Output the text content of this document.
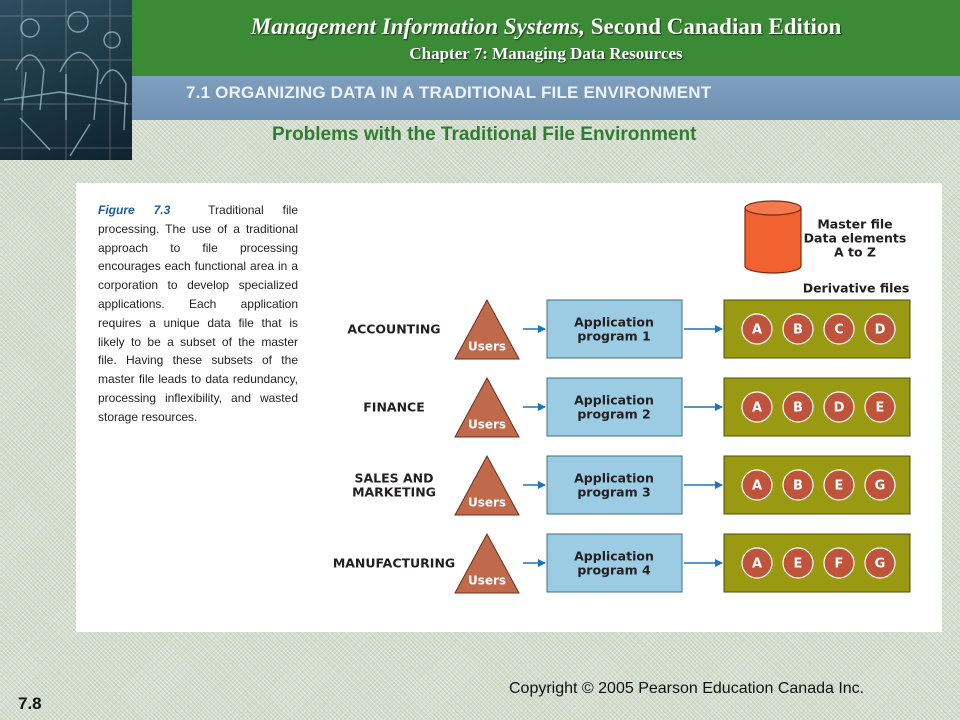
Management Information Systems, Second Canadian Edition
Chapter 7: Managing Data Resources
7.1 ORGANIZING DATA IN A TRADITIONAL FILE ENVIRONMENT
Problems with the Traditional File Environment
Figure 7.3	Traditional file processing. The use of a traditional approach to file processing encourages each functional area in a corporation to develop specialized applications. Each application requires a unique data file that is likely to be a subset of the master file. Having these subsets of the master file leads to data redundancy, processing inflexibility, and wasted storage resources.
Master file Data elements A to Z
Derivative files
ACCOUNTING
Users
Application program 1	A B C D
FINANCE
Users
Application program 2	A B D E
SALES AND MARKETING
Users
Application program 3	A B E G
MANUFACTURING
Users
Application program 4	A E F G
7.8
Copyright © 2005 Pearson Education Canada Inc.
